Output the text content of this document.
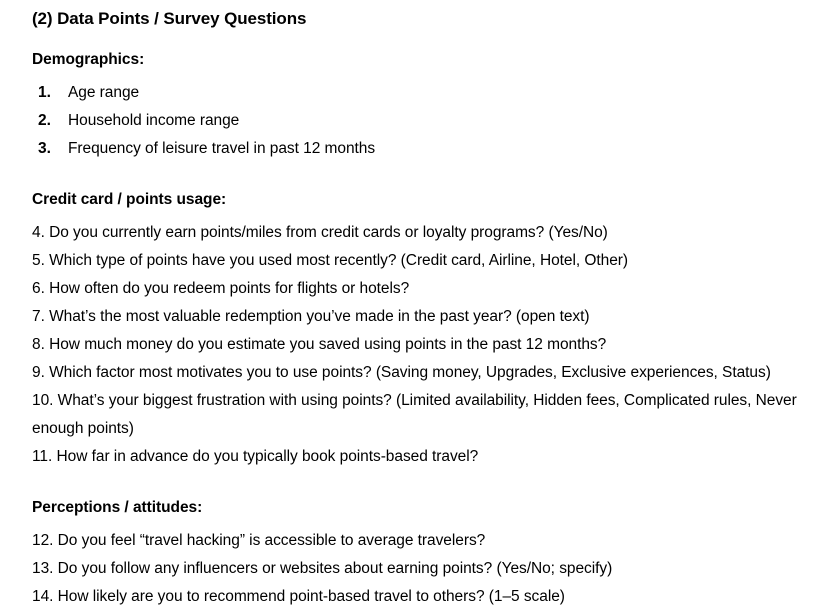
(2) Data Points / Survey Questions
Demographics:
Age range
Household income range
Frequency of leisure travel in past 12 months
Credit card / points usage:

4. Do you currently earn points/miles from credit cards or loyalty programs? (Yes/No)

5. Which type of points have you used most recently? (Credit card, Airline, Hotel, Other)

6. How often do you redeem points for flights or hotels?

7. What’s the most valuable redemption you’ve made in the past year? (open text)

8. How much money do you estimate you saved using points in the past 12 months?

9. Which factor most motivates you to use points? (Saving money, Upgrades, Exclusive experiences, Status)

10. What’s your biggest frustration with using points? (Limited availability, Hidden fees, Complicated rules, Never enough points)

11. How far in advance do you typically book points-based travel?

Perceptions / attitudes:

12. Do you feel “travel hacking” is accessible to average travelers?

13. Do you follow any influencers or websites about earning points? (Yes/No; specify)

14. How likely are you to recommend point-based travel to others? (1–5 scale)
